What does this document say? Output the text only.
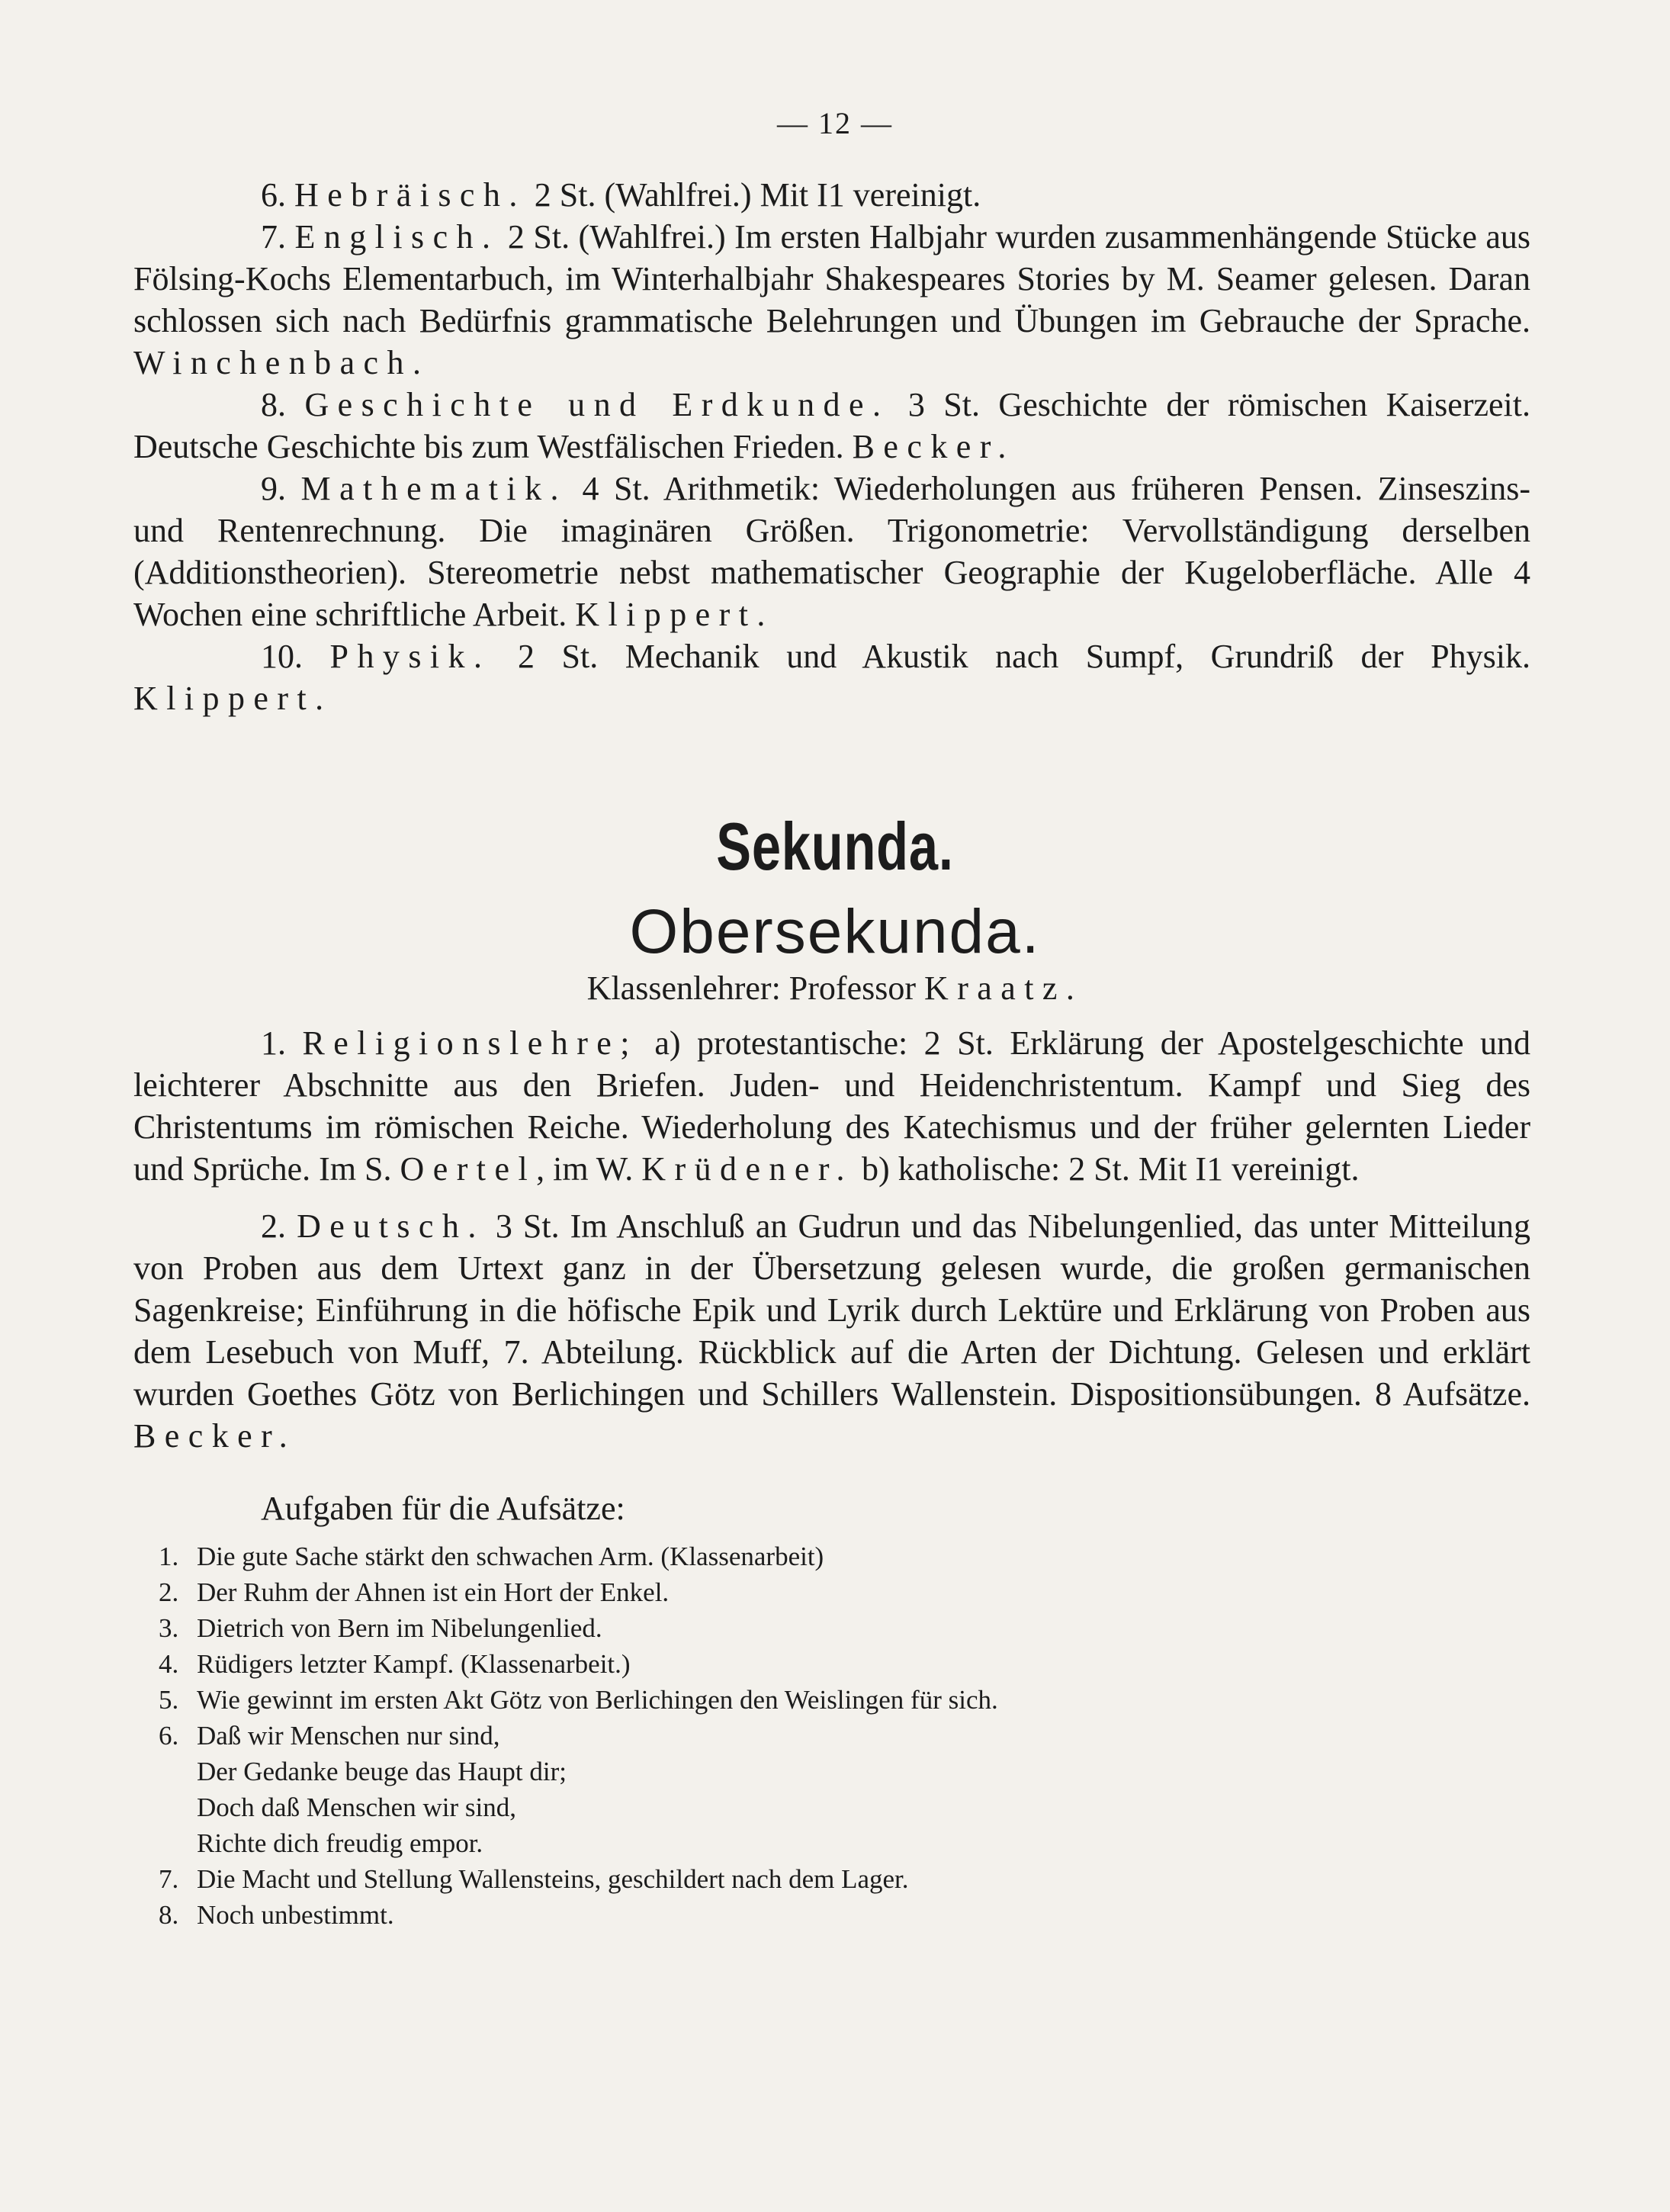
— 12 —

6. Hebräisch. 2 St. (Wahlfrei.) Mit I1 vereinigt.

7. Englisch. 2 St. (Wahlfrei.) Im ersten Halbjahr wurden zusammenhängende Stücke aus Fölsing-Kochs Elementarbuch, im Winterhalbjahr Shakespeares Stories by M. Seamer gelesen. Daran schlossen sich nach Bedürfnis grammatische Belehrungen und Übungen im Gebrauche der Sprache. Winchenbach.

8. Geschichte und Erdkunde. 3 St. Geschichte der römischen Kaiserzeit. Deutsche Geschichte bis zum Westfälischen Frieden. Becker.

9. Mathematik. 4 St. Arithmetik: Wiederholungen aus früheren Pensen. Zinseszins- und Rentenrechnung. Die imaginären Größen. Trigonometrie: Vervollständigung derselben (Additionstheorien). Stereometrie nebst mathematischer Geographie der Kugeloberfläche. Alle 4 Wochen eine schriftliche Arbeit. Klippert.

10. Physik. 2 St. Mechanik und Akustik nach Sumpf, Grundriß der Physik. Klippert.

Sekunda.
Obersekunda.
Klassenlehrer: Professor Kraatz.

1. Religionslehre; a) protestantische: 2 St. Erklärung der Apostelgeschichte und leichterer Abschnitte aus den Briefen. Juden- und Heidenchristentum. Kampf und Sieg des Christentums im römischen Reiche. Wiederholung des Katechismus und der früher gelernten Lieder und Sprüche. Im S. Oertel, im W. Krüdener. b) katholische: 2 St. Mit I1 vereinigt.

2. Deutsch. 3 St. Im Anschluß an Gudrun und das Nibelungenlied, das unter Mitteilung von Proben aus dem Urtext ganz in der Übersetzung gelesen wurde, die großen germanischen Sagenkreise; Einführung in die höfische Epik und Lyrik durch Lektüre und Erklärung von Proben aus dem Lesebuch von Muff, 7. Abteilung. Rückblick auf die Arten der Dichtung. Gelesen und erklärt wurden Goethes Götz von Berlichingen und Schillers Wallenstein. Dispositionsübungen. 8 Aufsätze. Becker.

Aufgaben für die Aufsätze:
1. Die gute Sache stärkt den schwachen Arm. (Klassenarbeit)
2. Der Ruhm der Ahnen ist ein Hort der Enkel.
3. Dietrich von Bern im Nibelungenlied.
4. Rüdigers letzter Kampf. (Klassenarbeit.)
5. Wie gewinnt im ersten Akt Götz von Berlichingen den Weislingen für sich.
6. Daß wir Menschen nur sind,
Der Gedanke beuge das Haupt dir;
Doch daß Menschen wir sind,
Richte dich freudig empor.
7. Die Macht und Stellung Wallensteins, geschildert nach dem Lager.
8. Noch unbestimmt.
